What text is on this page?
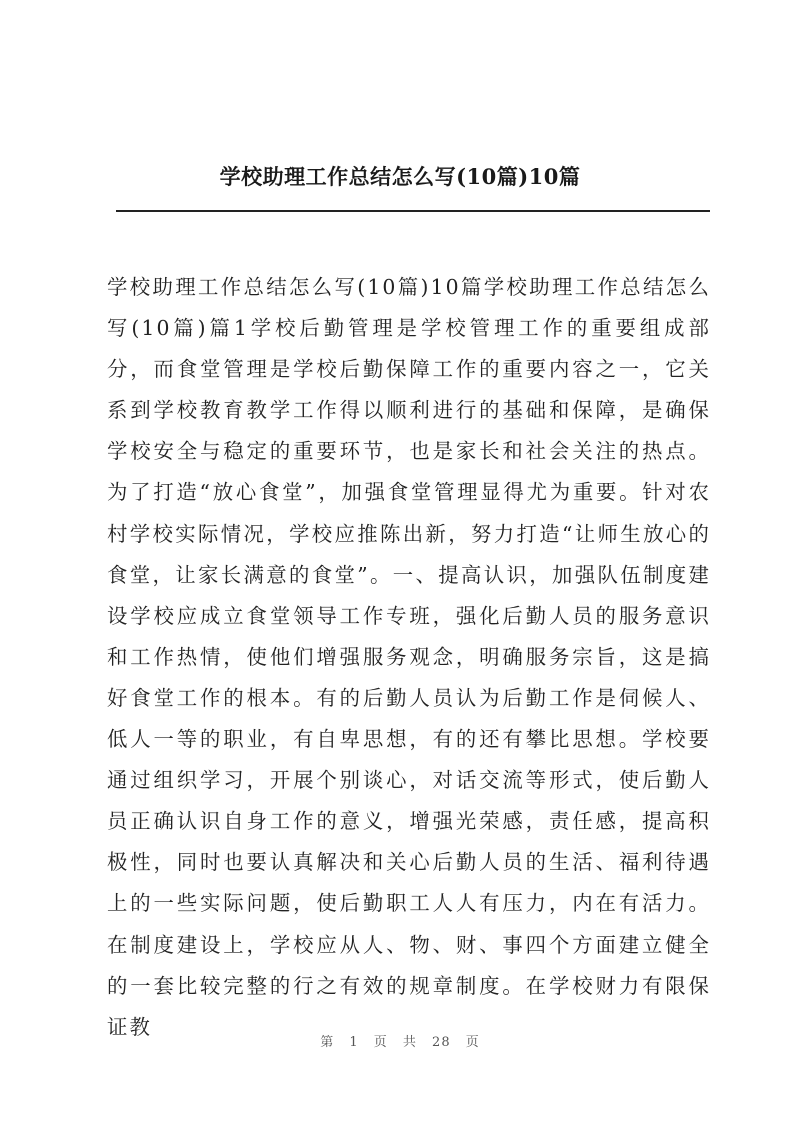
学校助理工作总结怎么写(10篇)10篇

学校助理工作总结怎么写(10篇)10篇学校助理工作总结怎么写(10篇)篇1学校后勤管理是学校管理工作的重要组成部分，而食堂管理是学校后勤保障工作的重要内容之一，它关系到学校教育教学工作得以顺利进行的基础和保障，是确保学校安全与稳定的重要环节，也是家长和社会关注的热点。为了打造“放心食堂”，加强食堂管理显得尤为重要。针对农村学校实际情况，学校应推陈出新，努力打造“让师生放心的食堂，让家长满意的食堂”。一、提高认识，加强队伍制度建设学校应成立食堂领导工作专班，强化后勤人员的服务意识和工作热情，使他们增强服务观念，明确服务宗旨，这是搞好食堂工作的根本。有的后勤人员认为后勤工作是伺候人、低人一等的职业，有自卑思想，有的还有攀比思想。学校要通过组织学习，开展个别谈心，对话交流等形式，使后勤人员正确认识自身工作的意义，增强光荣感，责任感，提高积极性，同时也要认真解决和关心后勤人员的生活、福利待遇上的一些实际问题，使后勤职工人人有压力，内在有活力。在制度建设上，学校应从人、物、财、事四个方面建立健全的一套比较完整的行之有效的规章制度。在学校财力有限保证教

第 1 页 共 28 页
